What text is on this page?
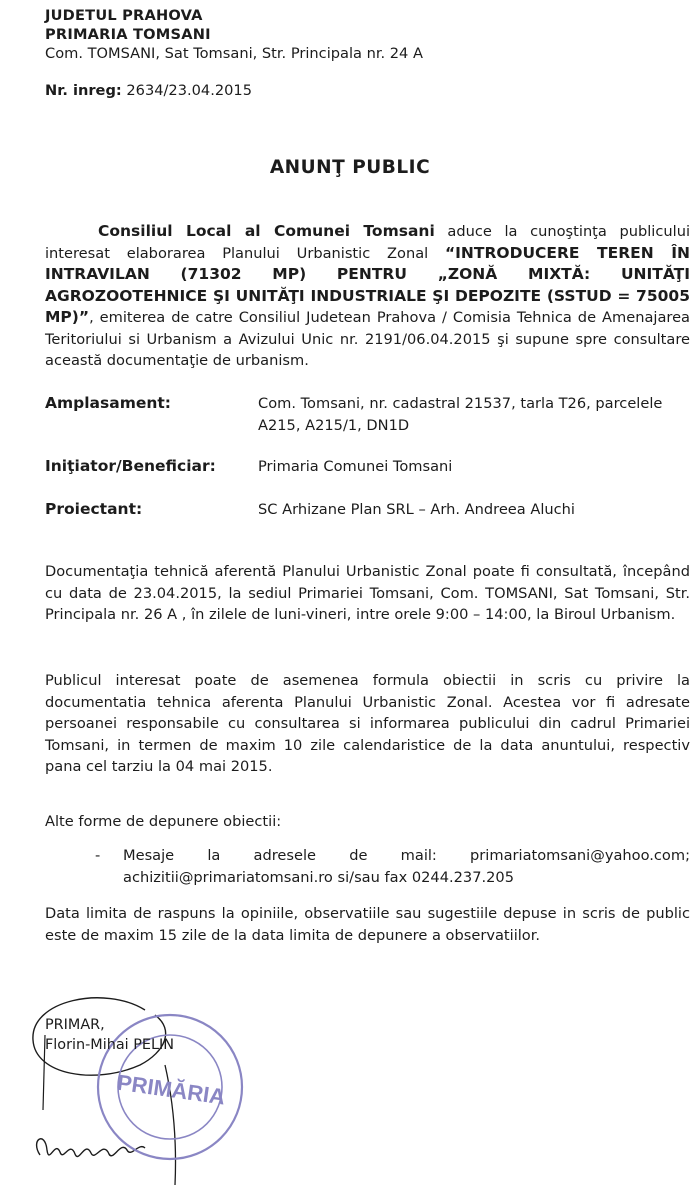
JUDETUL PRAHOVA
PRIMARIA TOMSANI
Com. TOMSANI, Sat Tomsani, Str. Principala nr. 24 A
Nr. inreg: 2634/23.04.2015
ANUNŢ PUBLIC
Consiliul Local al Comunei Tomsani aduce la cunoştinţa publicului interesat elaborarea Planului Urbanistic Zonal “INTRODUCERE TEREN ÎN INTRAVILAN (71302 MP) PENTRU „ZONĂ MIXTĂ: UNITĂŢI AGROZOOTEHNICE ŞI UNITĂŢI INDUSTRIALE ŞI DEPOZITE (SSTUD = 75005 MP)”, emiterea de catre Consiliul Judetean Prahova / Comisia Tehnica de Amenajarea Teritoriului si Urbanism a Avizului Unic nr. 2191/06.04.2015 şi supune spre consultare această documentaţie de urbanism.
Amplasament:	Com. Tomsani, nr. cadastral 21537, tarla T26, parcelele A215, A215/1, DN1D
Iniţiator/Beneficiar:	Primaria Comunei Tomsani
Proiectant:	SC Arhizane Plan SRL – Arh. Andreea Aluchi
Documentaţia tehnică aferentă Planului Urbanistic Zonal poate fi consultată, începând cu data de 23.04.2015, la sediul Primariei Tomsani, Com. TOMSANI, Sat Tomsani, Str. Principala nr. 26 A , în zilele de luni-vineri, intre orele 9:00 – 14:00, la Biroul Urbanism.
Publicul interesat poate de asemenea formula obiectii in scris cu privire la documentatia tehnica aferenta Planului Urbanistic Zonal. Acestea vor fi adresate persoanei responsabile cu consultarea si informarea publicului din cadrul Primariei Tomsani, in termen de maxim 10 zile calendaristice de la data anuntului, respectiv pana cel tarziu la 04 mai 2015.
Alte forme de depunere obiectii:
- Mesaje la adresele de mail: primariatomsani@yahoo.com;
achizitii@primariatomsani.ro si/sau fax 0244.237.205
Data limita de raspuns la opiniile, observatiile sau sugestiile depuse in scris de public este de maxim 15 zile de la data limita de depunere a observatiilor.
PRIMĂRIA
PRIMAR,
Florin-Mihai PELIN
